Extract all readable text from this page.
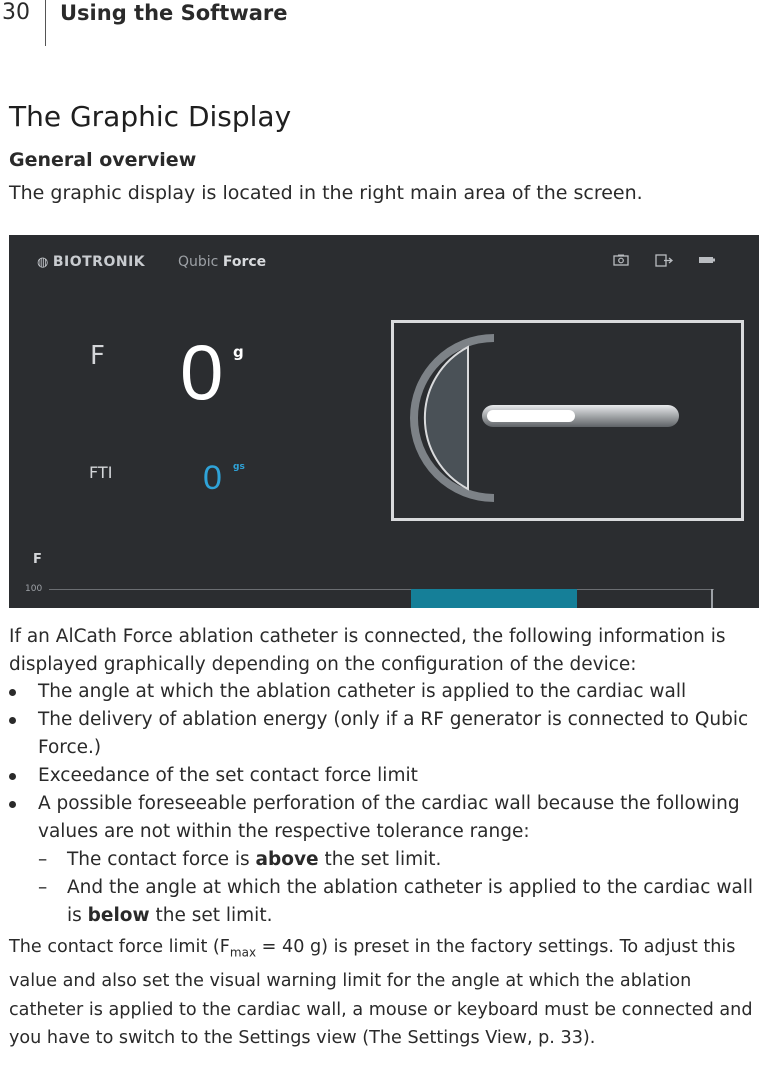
30 Using the Software
The Graphic Display
General overview
The graphic display is located in the right main area of the screen.
◍ BIOTRONIK Qubic Force
F 0 g
FTI	0 gs
F
100
If an AlCath Force ablation catheter is connected, the following information is displayed graphically depending on the configuration of the device:
The angle at which the ablation catheter is applied to the cardiac wall
The delivery of ablation energy (only if a RF generator is connected to Qubic Force.)
Exceedance of the set contact force limit
A possible foreseeable perforation of the cardiac wall because the following values are not within the respective tolerance range:
– The contact force is above the set limit.
– And the angle at which the ablation catheter is applied to the cardiac wall is below the set limit.
The contact force limit ($F_{max} = 40$ g) is preset in the factory settings. To adjust this value and also set the visual warning limit for the angle at which the ablation catheter is applied to the cardiac wall, a mouse or keyboard must be connected and you have to switch to the Settings view (The Settings View, p. 33).
